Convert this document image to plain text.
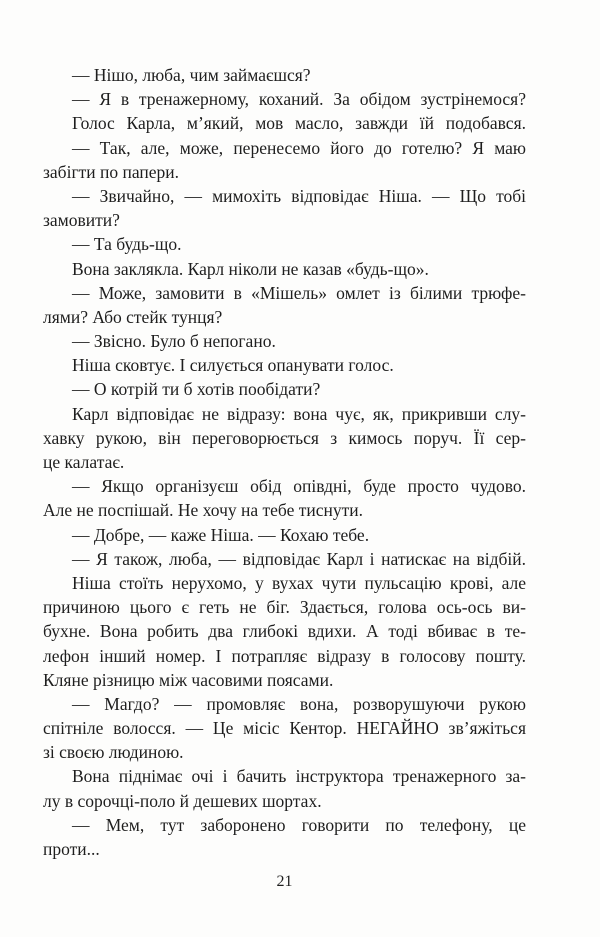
— Нішо, люба, чим займаєшся?
— Я в тренажерному, коханий. За обідом зустрінемося?
Голос Карла, м’який, мов масло, завжди їй подобався.
— Так, але, може, перенесемо його до готелю? Я маю
забігти по папери.
— Звичайно, — мимохіть відповідає Ніша. — Що тобі
замовити?
— Та будь-що.
Вона заклякла. Карл ніколи не казав «будь-що».
— Може, замовити в «Мішель» омлет із білими трюфе-
лями? Або стейк тунця?
— Звісно. Було б непогано.
Ніша сковтує. І силується опанувати голос.
— О котрій ти б хотів пообідати?
Карл відповідає не відразу: вона чує, як, прикривши слу-
хавку рукою, він переговорюється з кимось поруч. Її сер-
це калатає.
— Якщо організуєш обід опівдні, буде просто чудово.
Але не поспішай. Не хочу на тебе тиснути.
— Добре, — каже Ніша. — Кохаю тебе.
— Я також, люба, — відповідає Карл і натискає на відбій.
Ніша стоїть нерухомо, у вухах чути пульсацію крові, але
причиною цього є геть не біг. Здається, голова ось-ось ви-
бухне. Вона робить два глибокі вдихи. А тоді вбиває в те-
лефон інший номер. І потрапляє відразу в голосову пошту.
Кляне різницю між часовими поясами.
— Магдо? — промовляє вона, розворушуючи рукою
спітніле волосся. — Це місіс Кентор. НЕГАЙНО зв’яжіться
зі своєю людиною.
Вона піднімає очі і бачить інструктора тренажерного за-
лу в сорочці-поло й дешевих шортах.
— Мем, тут заборонено говорити по телефону, це
проти...
21
